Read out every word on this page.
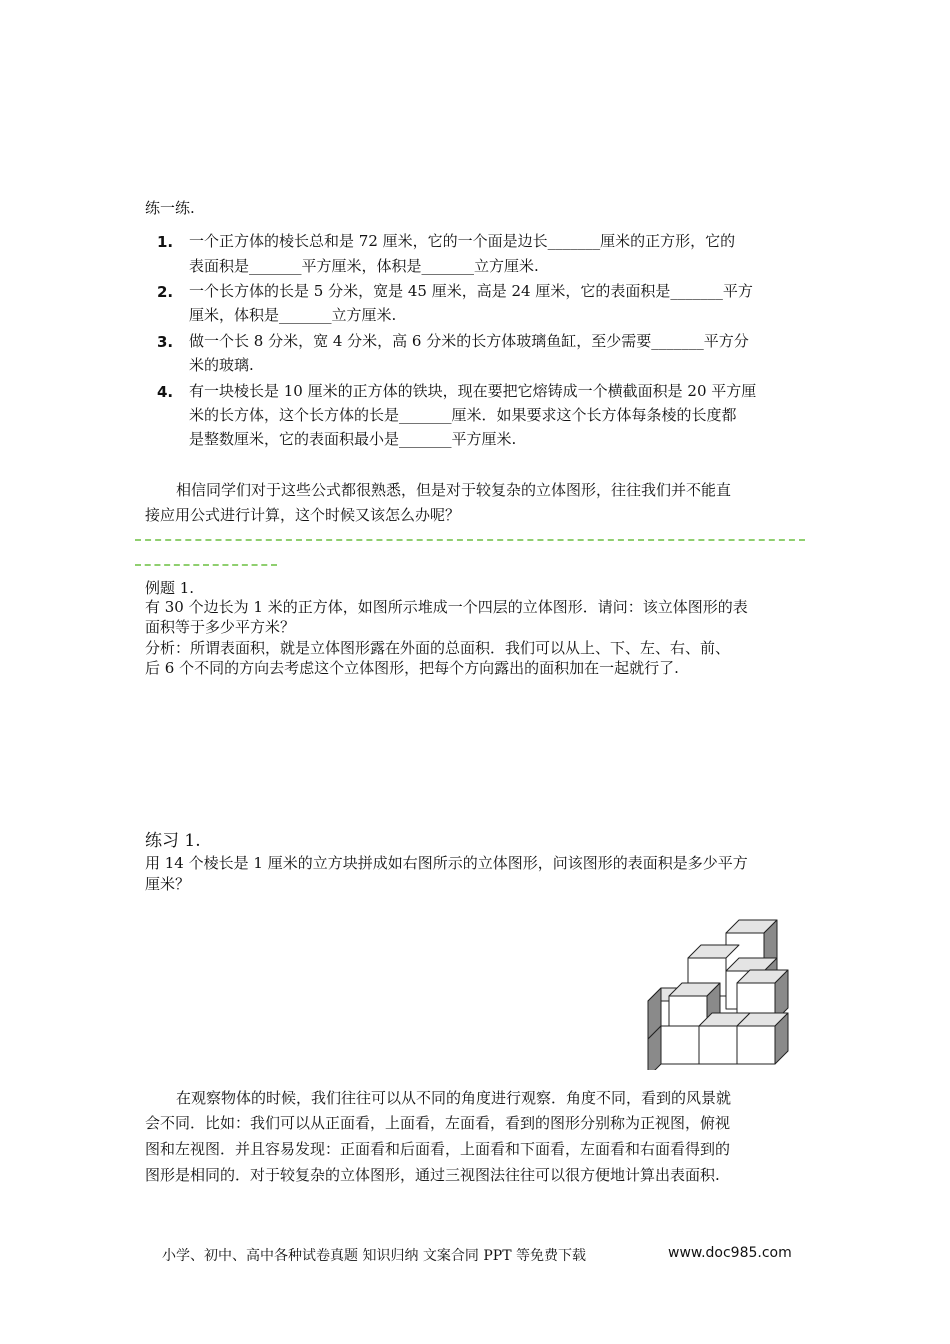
练一练.
1. 一个正方体的棱长总和是 72 厘米，它的一个面是边长_______厘米的正方形，它的
表面积是_______平方厘米，体积是_______立方厘米.
2. 一个长方体的长是 5 分米，宽是 45 厘米，高是 24 厘米，它的表面积是_______平方
厘米，体积是_______立方厘米.
3. 做一个长 8 分米，宽 4 分米，高 6 分米的长方体玻璃鱼缸，至少需要_______平方分
米的玻璃.
4. 有一块棱长是 10 厘米的正方体的铁块，现在要把它熔铸成一个横截面积是 20 平方厘
米的长方体，这个长方体的长是_______厘米．如果要求这个长方体每条棱的长度都
是整数厘米，它的表面积最小是_______平方厘米.
相信同学们对于这些公式都很熟悉，但是对于较复杂的立体图形，往往我们并不能直
接应用公式进行计算，这个时候又该怎么办呢？
例题 1.
有 30 个边长为 1 米的正方体，如图所示堆成一个四层的立体图形．请问：该立体图形的表
面积等于多少平方米？
分析：所谓表面积，就是立体图形露在外面的总面积．我们可以从上、下、左、右、前、
后 6 个不同的方向去考虑这个立体图形，把每个方向露出的面积加在一起就行了.
练习 1.
用 14 个棱长是 1 厘米的立方块拼成如右图所示的立体图形，问该图形的表面积是多少平方
厘米？
在观察物体的时候，我们往往可以从不同的角度进行观察．角度不同，看到的风景就
会不同．比如：我们可以从正面看，上面看，左面看，看到的图形分别称为正视图，俯视
图和左视图．并且容易发现：正面看和后面看，上面看和下面看，左面看和右面看得到的
图形是相同的．对于较复杂的立体图形，通过三视图法往往可以很方便地计算出表面积.
小学、初中、高中各种试卷真题 知识归纳 文案合同 PPT 等免费下载	www.doc985.com
